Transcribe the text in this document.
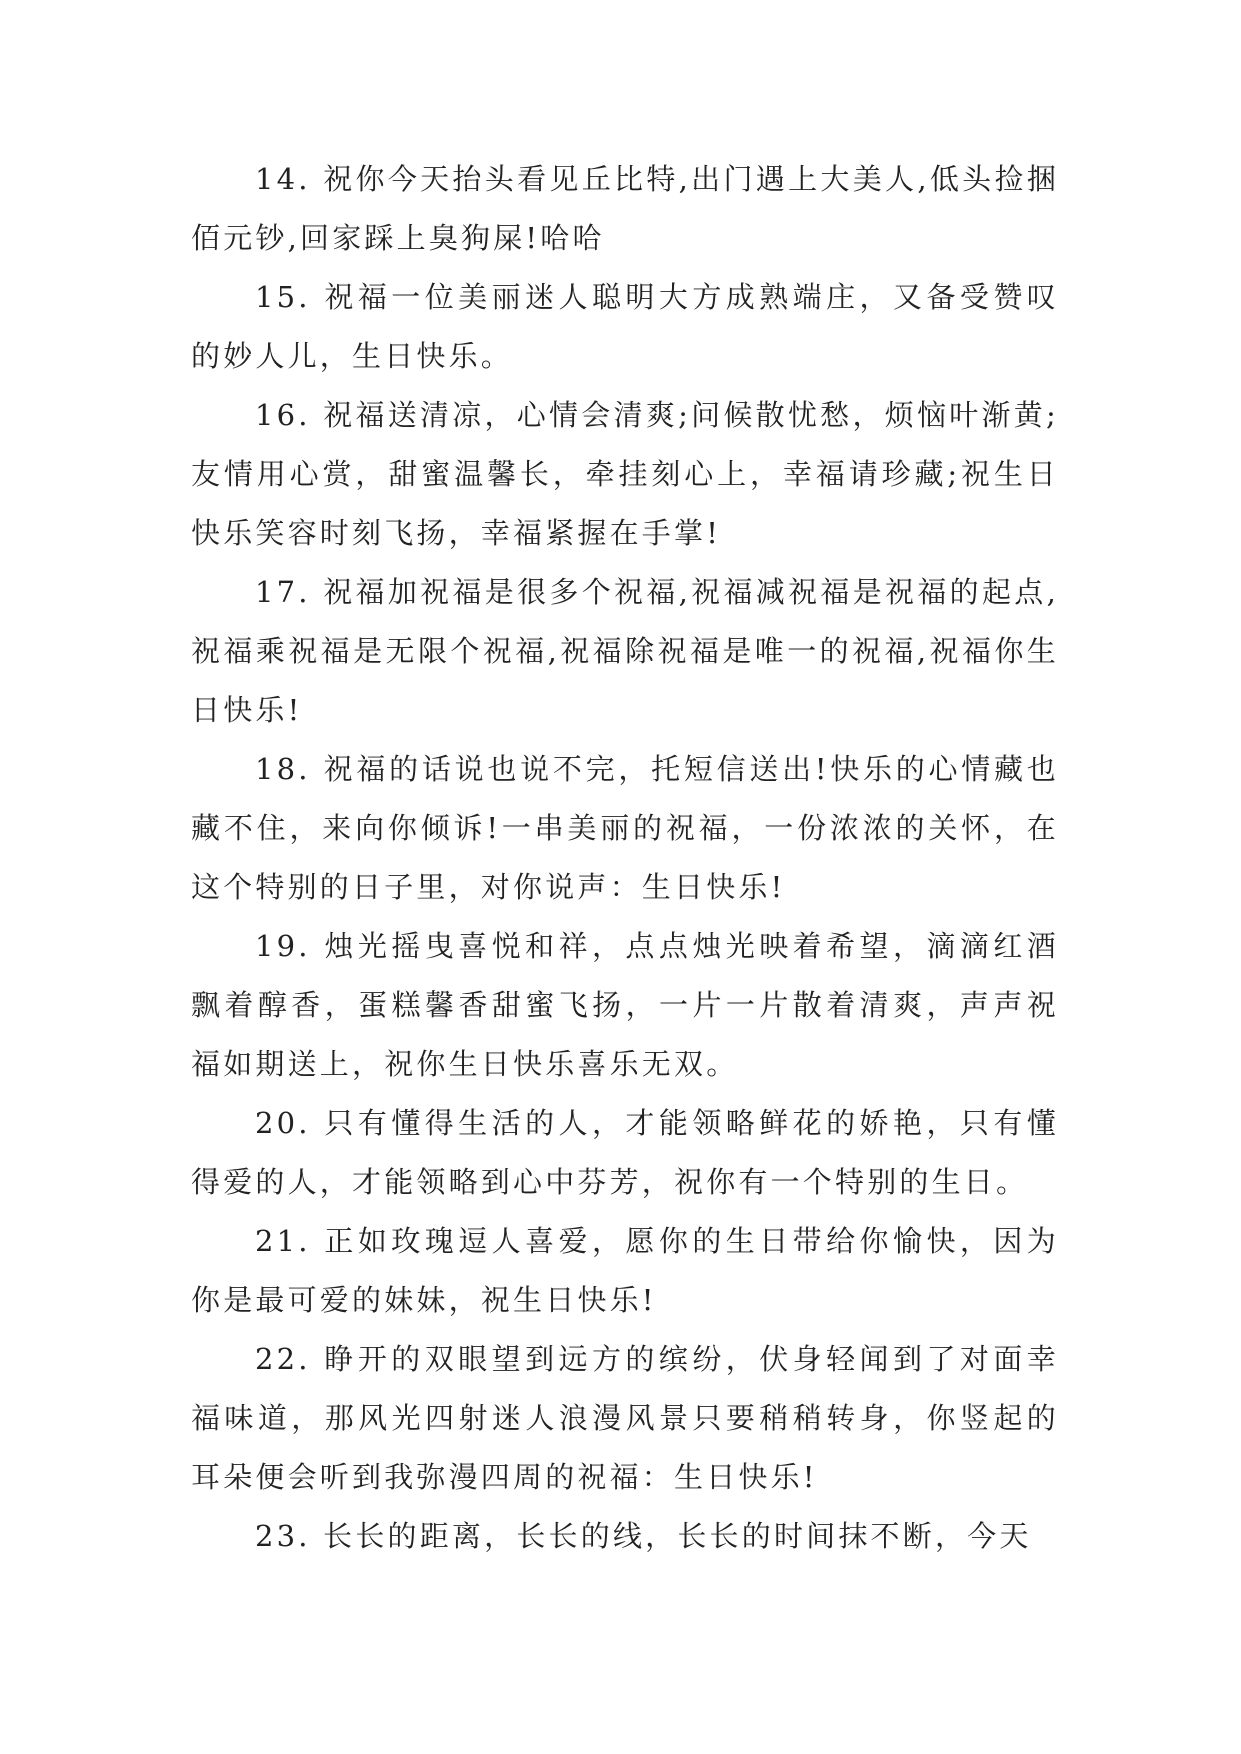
14. 祝你今天抬头看见丘比特,出门遇上大美人,低头捡捆佰元钞,回家踩上臭狗屎!哈哈

15. 祝福一位美丽迷人聪明大方成熟端庄，又备受赞叹的妙人儿，生日快乐。

16. 祝福送清凉，心情会清爽;问候散忧愁，烦恼叶渐黄;友情用心赏，甜蜜温馨长，牵挂刻心上，幸福请珍藏;祝生日快乐笑容时刻飞扬，幸福紧握在手掌!

17. 祝福加祝福是很多个祝福,祝福减祝福是祝福的起点,祝福乘祝福是无限个祝福,祝福除祝福是唯一的祝福,祝福你生日快乐!

18. 祝福的话说也说不完，托短信送出!快乐的心情藏也藏不住，来向你倾诉!一串美丽的祝福，一份浓浓的关怀，在这个特别的日子里，对你说声：生日快乐!

19. 烛光摇曳喜悦和祥，点点烛光映着希望，滴滴红酒飘着醇香，蛋糕馨香甜蜜飞扬，一片一片散着清爽，声声祝福如期送上，祝你生日快乐喜乐无双。

20. 只有懂得生活的人，才能领略鲜花的娇艳，只有懂得爱的人，才能领略到心中芬芳，祝你有一个特别的生日。

21. 正如玫瑰逗人喜爱，愿你的生日带给你愉快，因为你是最可爱的妹妹，祝生日快乐!

22. 睁开的双眼望到远方的缤纷，伏身轻闻到了对面幸福味道，那风光四射迷人浪漫风景只要稍稍转身，你竖起的耳朵便会听到我弥漫四周的祝福：生日快乐!

23. 长长的距离，长长的线，长长的时间抹不断，今天
